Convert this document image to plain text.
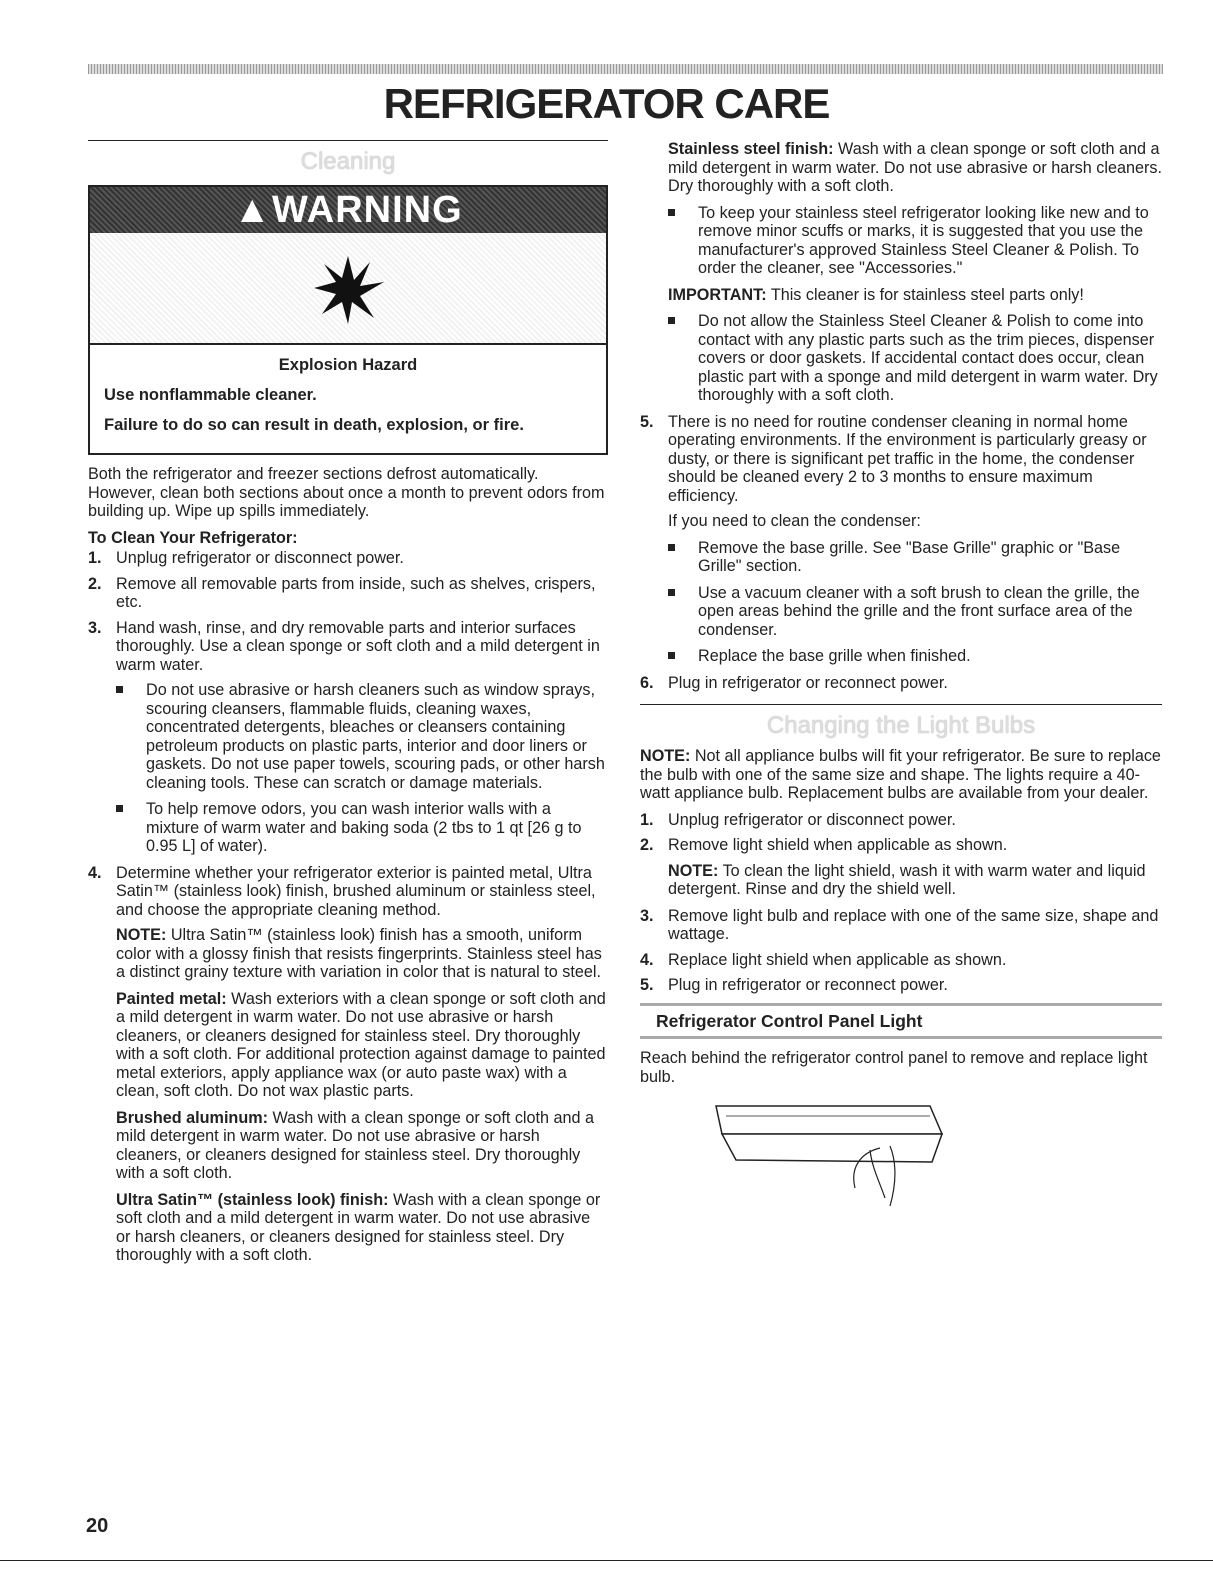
REFRIGERATOR CARE
Cleaning
▲WARNING
Explosion Hazard

Use nonflammable cleaner.

Failure to do so can result in death, explosion, or fire.

Both the refrigerator and freezer sections defrost automatically. However, clean both sections about once a month to prevent odors from building up. Wipe up spills immediately.

To Clean Your Refrigerator:
1. Unplug refrigerator or disconnect power.
2. Remove all removable parts from inside, such as shelves, crispers, etc.
3. Hand wash, rinse, and dry removable parts and interior surfaces thoroughly. Use a clean sponge or soft cloth and a mild detergent in warm water.
Do not use abrasive or harsh cleaners such as window sprays, scouring cleansers, flammable fluids, cleaning waxes, concentrated detergents, bleaches or cleansers containing petroleum products on plastic parts, interior and door liners or gaskets. Do not use paper towels, scouring pads, or other harsh cleaning tools. These can scratch or damage materials.
To help remove odors, you can wash interior walls with a mixture of warm water and baking soda (2 tbs to 1 qt [26 g to 0.95 L] of water).
4. Determine whether your refrigerator exterior is painted metal, Ultra Satin™ (stainless look) finish, brushed aluminum or stainless steel, and choose the appropriate cleaning method.

NOTE: Ultra Satin™ (stainless look) finish has a smooth, uniform color with a glossy finish that resists fingerprints. Stainless steel has a distinct grainy texture with variation in color that is natural to steel.

Painted metal: Wash exteriors with a clean sponge or soft cloth and a mild detergent in warm water. Do not use abrasive or harsh cleaners, or cleaners designed for stainless steel. Dry thoroughly with a soft cloth. For additional protection against damage to painted metal exteriors, apply appliance wax (or auto paste wax) with a clean, soft cloth. Do not wax plastic parts.

Brushed aluminum: Wash with a clean sponge or soft cloth and a mild detergent in warm water. Do not use abrasive or harsh cleaners, or cleaners designed for stainless steel. Dry thoroughly with a soft cloth.

Ultra Satin™ (stainless look) finish: Wash with a clean sponge or soft cloth and a mild detergent in warm water. Do not use abrasive or harsh cleaners, or cleaners designed for stainless steel. Dry thoroughly with a soft cloth.

Stainless steel finish: Wash with a clean sponge or soft cloth and a mild detergent in warm water. Do not use abrasive or harsh cleaners. Dry thoroughly with a soft cloth.

To keep your stainless steel refrigerator looking like new and to remove minor scuffs or marks, it is suggested that you use the manufacturer's approved Stainless Steel Cleaner & Polish. To order the cleaner, see "Accessories."

IMPORTANT: This cleaner is for stainless steel parts only!

Do not allow the Stainless Steel Cleaner & Polish to come into contact with any plastic parts such as the trim pieces, dispenser covers or door gaskets. If accidental contact does occur, clean plastic part with a sponge and mild detergent in warm water. Dry thoroughly with a soft cloth.
5. There is no need for routine condenser cleaning in normal home operating environments. If the environment is particularly greasy or dusty, or there is significant pet traffic in the home, the condenser should be cleaned every 2 to 3 months to ensure maximum efficiency.

If you need to clean the condenser:

Remove the base grille. See "Base Grille" graphic or "Base Grille" section.
Use a vacuum cleaner with a soft brush to clean the grille, the open areas behind the grille and the front surface area of the condenser.
Replace the base grille when finished.
6. Plug in refrigerator or reconnect power.
Changing the Light Bulbs

NOTE: Not all appliance bulbs will fit your refrigerator. Be sure to replace the bulb with one of the same size and shape. The lights require a 40-watt appliance bulb. Replacement bulbs are available from your dealer.

1. Unplug refrigerator or disconnect power.
2. Remove light shield when applicable as shown.

NOTE: To clean the light shield, wash it with warm water and liquid detergent. Rinse and dry the shield well.

3. Remove light bulb and replace with one of the same size, shape and wattage.
4. Replace light shield when applicable as shown.
5. Plug in refrigerator or reconnect power.
Refrigerator Control Panel Light

Reach behind the refrigerator control panel to remove and replace light bulb.

20
